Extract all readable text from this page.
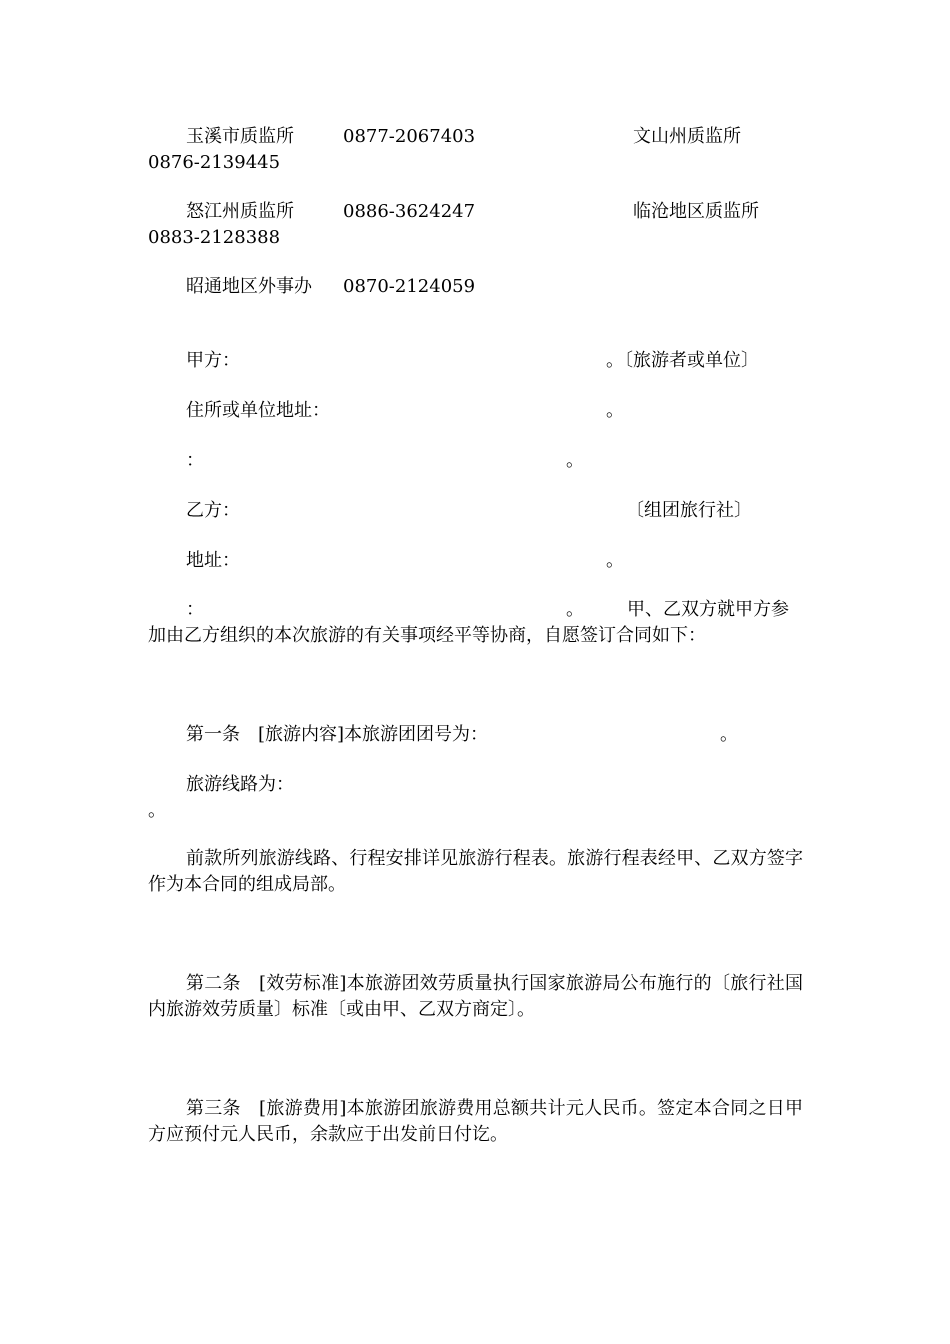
玉溪市质监所	0877-2067403	文山州质监所
0876-2139445
怒江州质监所	0886-3624247	临沧地区质监所
0883-2128388
昭通地区外事办 0870-2124059
甲方：	。〔旅游者或单位〕
住所或单位地址：	。
：	。
乙方：	〔组团旅行社〕
地址：	。
：	。 甲、乙双方就甲方参
加由乙方组织的本次旅游的有关事项经平等协商，自愿签订合同如下：
第一条　[旅游内容]本旅游团团号为：	。
旅游线路为：
。

前款所列旅游线路、行程安排详见旅游行程表。旅游行程表经甲、乙双方签字作为本合同的组成局部。

第二条　[效劳标准]本旅游团效劳质量执行国家旅游局公布施行的〔旅行社国内旅游效劳质量〕标准〔或由甲、乙双方商定〕。

第三条　[旅游费用]本旅游团旅游费用总额共计元人民币。签定本合同之日甲方应预付元人民币，余款应于出发前日付讫。
